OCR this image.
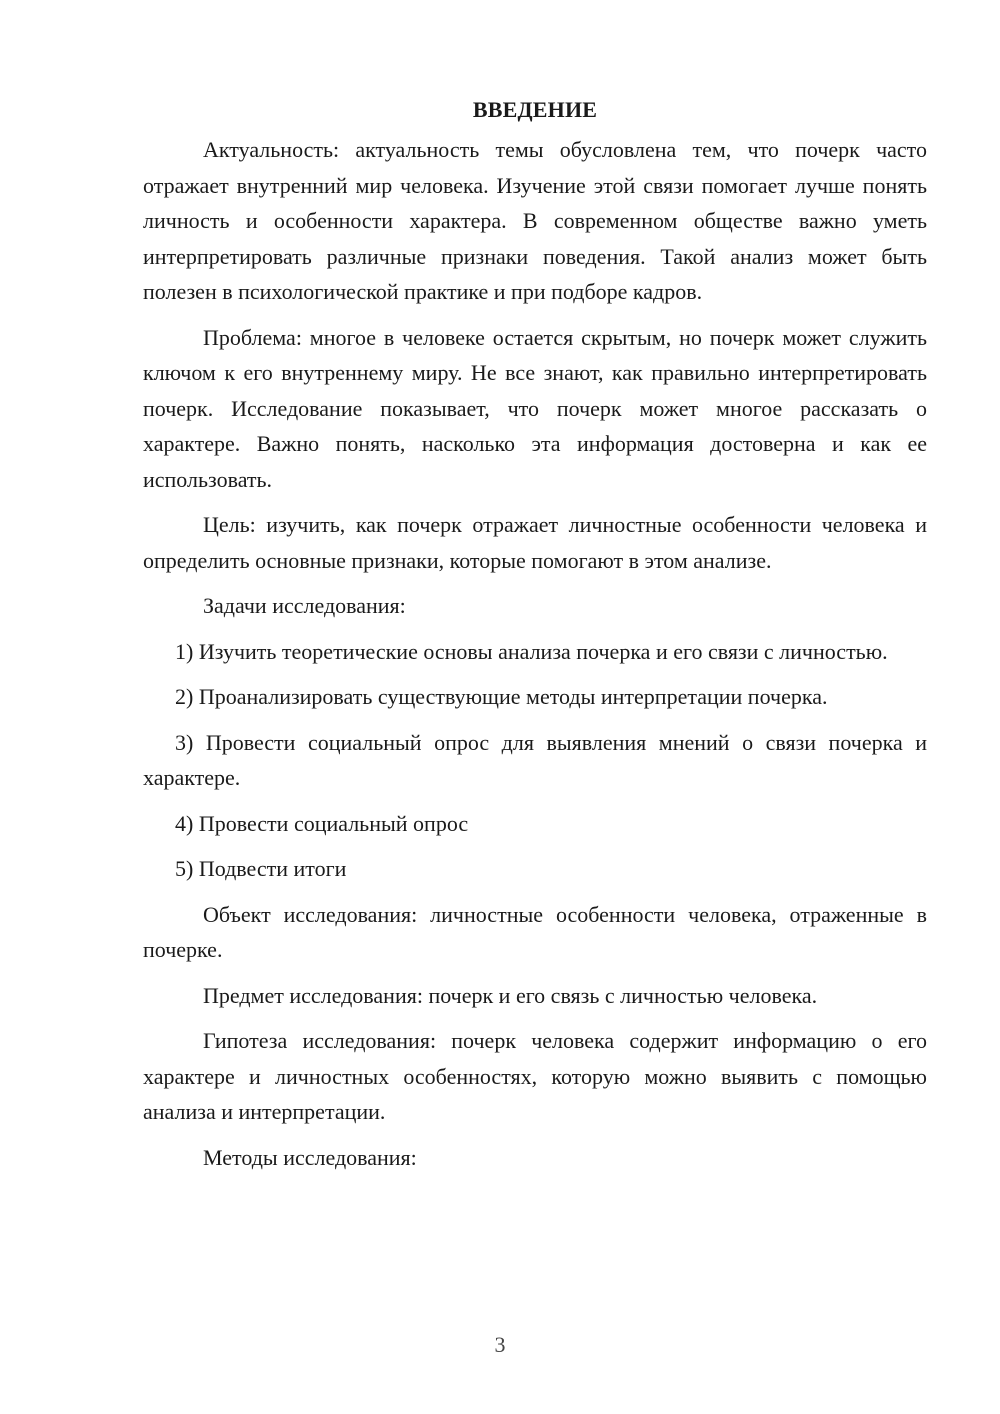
ВВЕДЕНИЕ

Актуальность: актуальность темы обусловлена тем, что почерк часто отражает внутренний мир человека. Изучение этой связи помогает лучше понять личность и особенности характера. В современном обществе важно уметь интерпретировать различные признаки поведения. Такой анализ может быть полезен в психологической практике и при подборе кадров.

Проблема: многое в человеке остается скрытым, но почерк может служить ключом к его внутреннему миру. Не все знают, как правильно интерпретировать почерк. Исследование показывает, что почерк может многое рассказать о характере. Важно понять, насколько эта информация достоверна и как ее использовать.

Цель: изучить, как почерк отражает личностные особенности человека и определить основные признаки, которые помогают в этом анализе.

Задачи исследования:

1) Изучить теоретические основы анализа почерка и его связи с личностью.

2) Проанализировать существующие методы интерпретации почерка.

3) Провести социальный опрос для выявления мнений о связи почерка и характере.

4) Провести социальный опрос

5) Подвести итоги

Объект исследования: личностные особенности человека, отраженные в почерке.

Предмет исследования: почерк и его связь с личностью человека.

Гипотеза исследования: почерк человека содержит информацию о его характере и личностных особенностях, которую можно выявить с помощью анализа и интерпретации.

Методы исследования:

3
